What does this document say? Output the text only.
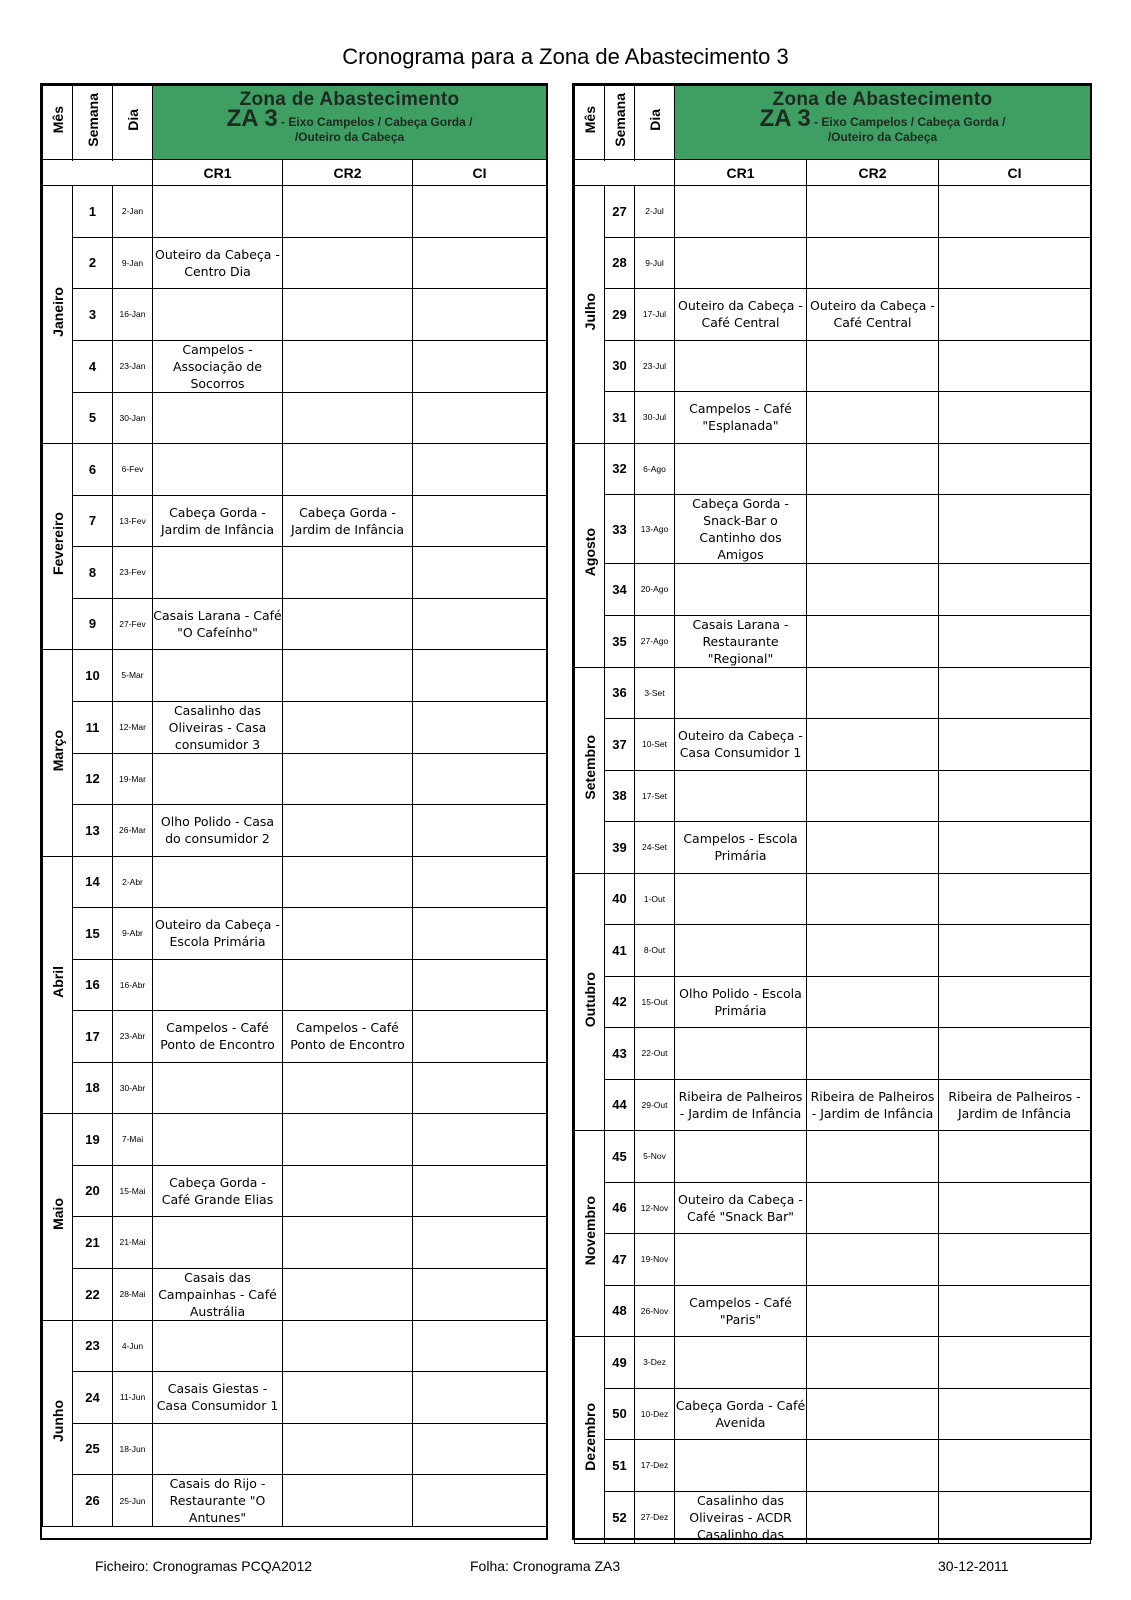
Cronograma para a Zona de Abastecimento 3
Mês	Semana	Dia	Zona de Abastecimento
ZA 3 - Eixo Campelos / Cabeça Gorda /
/Outeiro da Cabeça		

			CR1	CR2	CI
Janeiro	1	2-Jan			
	2	9-Jan	Outeiro da Cabeça - Centro Dia		
	3	16-Jan			
	4	23-Jan	Campelos - Associação de Socorros		
	5	30-Jan			
Fevereiro	6	6-Fev			
	7	13-Fev	Cabeça Gorda - Jardim de Infância	Cabeça Gorda - Jardim de Infância	
	8	23-Fev			
	9	27-Fev	Casais Larana - Café "O Cafeínho"		
Março	10	5-Mar			
	11	12-Mar	Casalinho das Oliveiras - Casa consumidor 3		
	12	19-Mar			
	13	26-Mar	Olho Polido - Casa do consumidor 2		
Abril	14	2-Abr			
	15	9-Abr	Outeiro da Cabeça - Escola Primária		
	16	16-Abr			
	17	23-Abr	Campelos - Café Ponto de Encontro	Campelos - Café Ponto de Encontro	
	18	30-Abr			
Maio	19	7-Mai			
	20	15-Mai	Cabeça Gorda - Café Grande Elias		
	21	21-Mai			
	22	28-Mai	Casais das Campainhas - Café Austrália		
Junho	23	4-Jun			
	24	11-Jun	Casais Giestas - Casa Consumidor 1		
	25	18-Jun			
	26	25-Jun	Casais do Rijo - Restaurante "O Antunes"		
Mês	Semana	Dia	Zona de Abastecimento
ZA 3 - Eixo Campelos / Cabeça Gorda /
/Outeiro da Cabeça		

			CR1	CR2	CI
Julho	27	2-Jul			
	28	9-Jul			
	29	17-Jul	Outeiro da Cabeça - Café Central	Outeiro da Cabeça - Café Central	
	30	23-Jul			
	31	30-Jul	Campelos - Café "Esplanada"		
Agosto	32	6-Ago			
	33	13-Ago	Cabeça Gorda - Snack-Bar o Cantinho dos Amigos		
	34	20-Ago			
	35	27-Ago	Casais Larana - Restaurante "Regional"		
Setembro	36	3-Set			
	37	10-Set	Outeiro da Cabeça - Casa Consumidor 1		
	38	17-Set			
	39	24-Set	Campelos - Escola Primária		
Outubro	40	1-Out			
	41	8-Out			
	42	15-Out	Olho Polido - Escola Primária		
	43	22-Out			
	44	29-Out	Ribeira de Palheiros - Jardim de Infância	Ribeira de Palheiros - Jardim de Infância	Ribeira de Palheiros - Jardim de Infância
Novembro	45	5-Nov			
	46	12-Nov	Outeiro da Cabeça - Café "Snack Bar"		
	47	19-Nov			
	48	26-Nov	Campelos - Café "Paris"		
Dezembro	49	3-Dez			
	50	10-Dez	Cabeça Gorda - Café Avenida		
	51	17-Dez			
	52	27-Dez	Casalinho das Oliveiras - ACDR Casalinho das		
Ficheiro: Cronogramas PCQA2012	Folha: Cronograma ZA3	30-12-2011
